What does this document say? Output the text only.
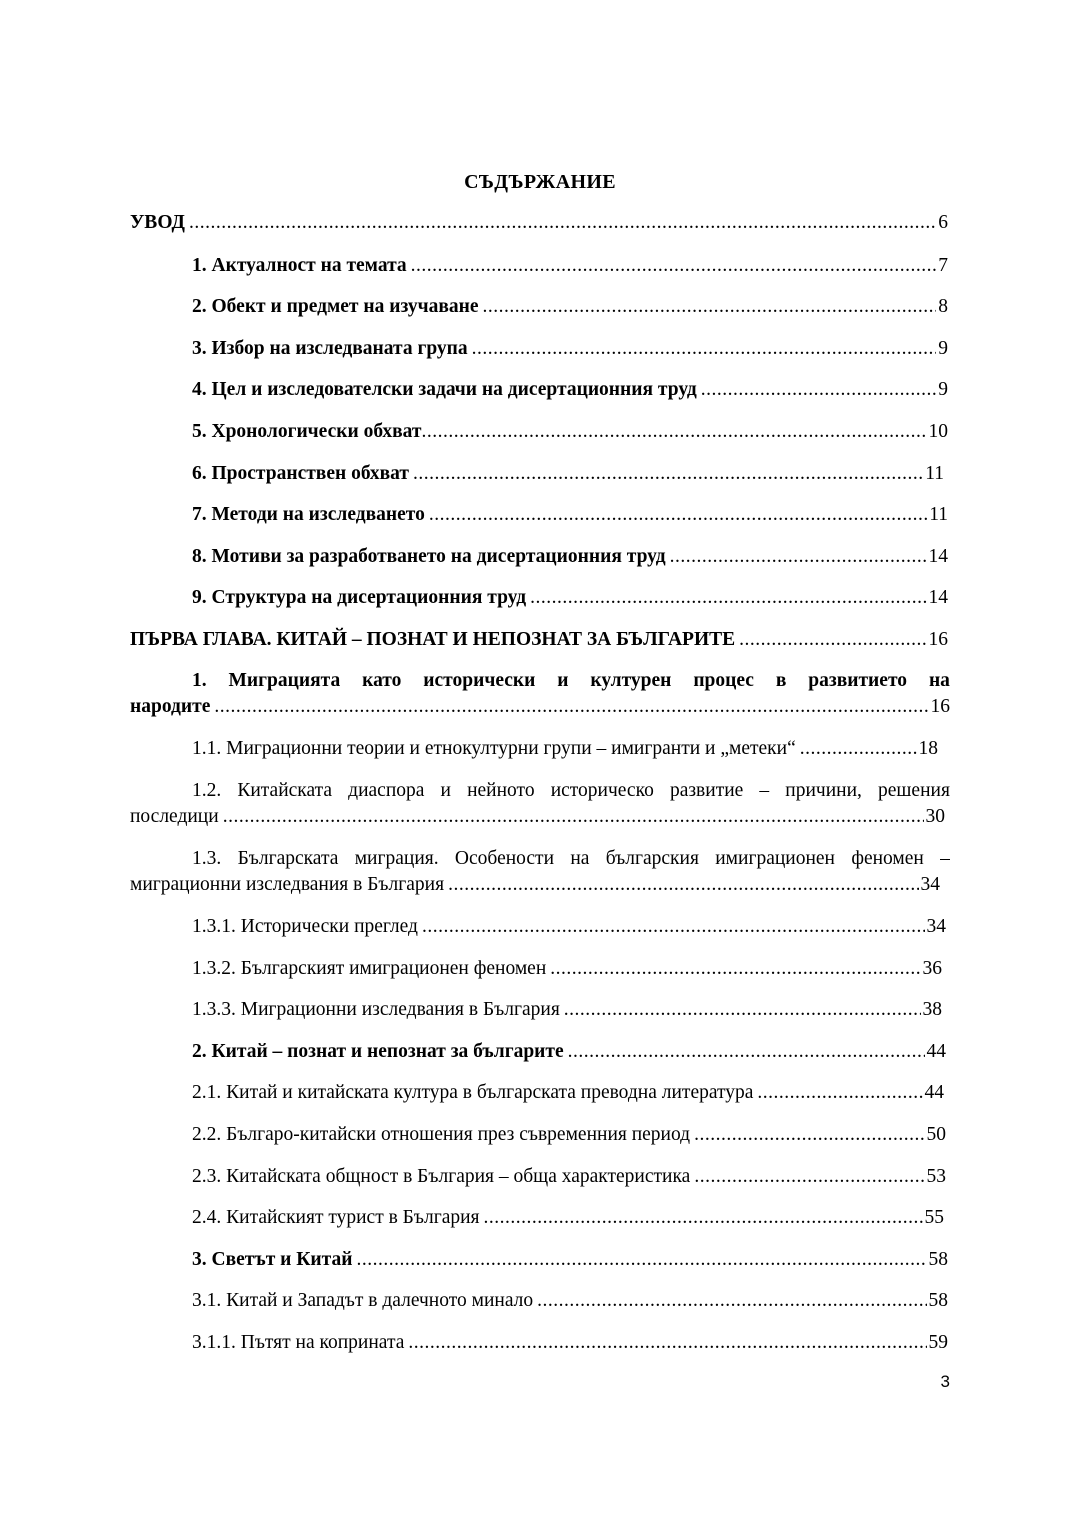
СЪДЪРЖАНИЕ
УВОД .....	6
1. Актуалност на темата .....	7
2. Обект и предмет на изучаване .....	8
3. Избор на изследваната група .....	9
4. Цел и изследователски задачи на дисертационния труд .....	9
5. Хронологически обхват .....	10
6. Пространствен обхват .....	11
7. Методи на изследването .....	11
8. Мотиви за разработването на дисертационния труд .....	14
9. Структура на дисертационния труд .....	14
ПЪРВА ГЛАВА. КИТАЙ – ПОЗНАТ И НЕПОЗНАТ ЗА БЪЛГАРИТЕ .....	16
1. Миграцията като исторически и културен процес в развитието на
народите .....	16
1.1. Миграционни теории и етнокултурни групи – имигранти и „метеки“ .....	18
1.2. Китайската диаспора и нейното историческо развитие – причини, решения
последици .....	30
1.3. Българската миграция. Особености на българския имиграционен феномен –
миграционни изследвания в България .....	34
1.3.1. Исторически преглед .....	34
1.3.2. Българският имиграционен феномен .....	36
1.3.3. Миграционни изследвания в България .....	38
2. Китай – познат и непознат за българите .....	44
2.1. Китай и китайската култура в българската преводна литература .....	44
2.2. Българо-китайски отношения през съвременния период .....	50
2.3. Китайската общност в България – обща характеристика .....	53
2.4. Китайският турист в България .....	55
3. Светът и Китай .....	58
3.1. Китай и Западът в далечното минало .....	58
3.1.1. Пътят на коприната .....	59
3
